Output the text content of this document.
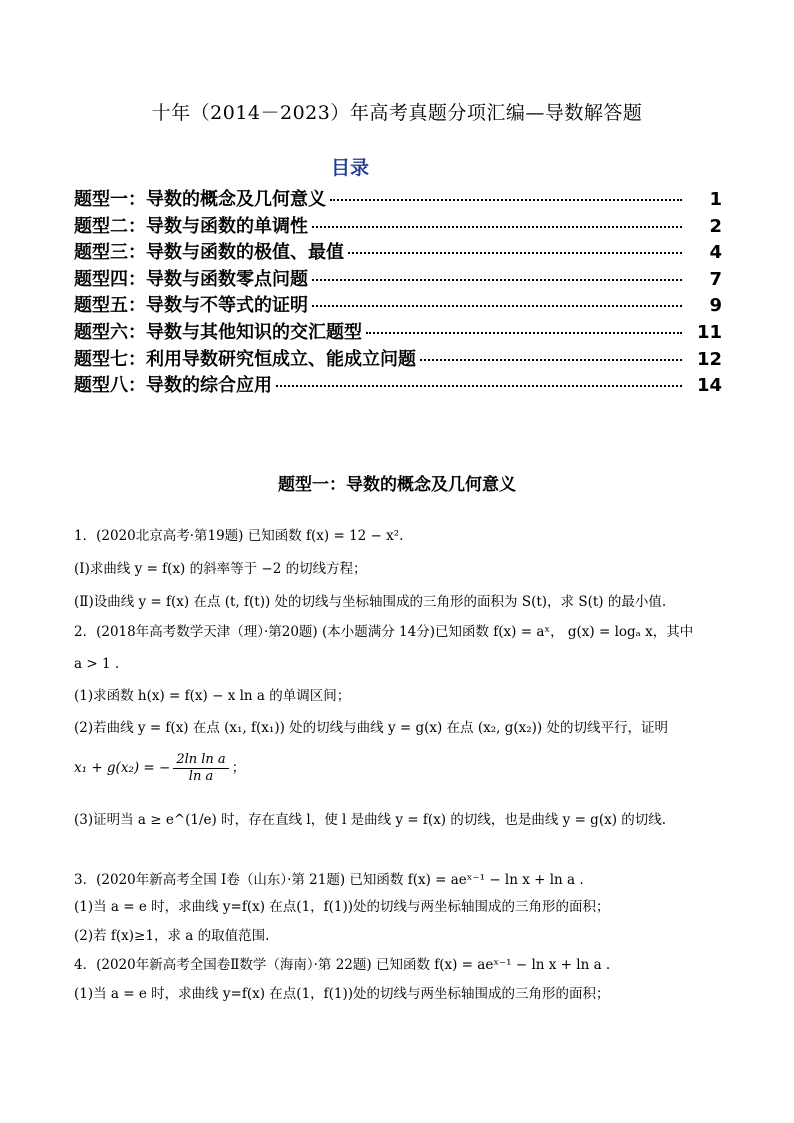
十年（2014－2023）年高考真题分项汇编—导数解答题
目录
题型一：导数的概念及几何意义	1
题型二：导数与函数的单调性	2
题型三：导数与函数的极值、最值	4
题型四：导数与函数零点问题	7
题型五：导数与不等式的证明	9
题型六：导数与其他知识的交汇题型	11
题型七：利用导数研究恒成立、能成立问题	12
题型八：导数的综合应用	14
题型一：导数的概念及几何意义
1．(2020北京高考·第19题) 已知函数 f(x) = 12 − x².
(Ⅰ)求曲线 y = f(x) 的斜率等于 −2 的切线方程；
(Ⅱ)设曲线 y = f(x) 在点 (t, f(t)) 处的切线与坐标轴围成的三角形的面积为 S(t)，求 S(t) 的最小值.
2．(2018年高考数学天津（理）·第20题) (本小题满分 14分)已知函数 f(x) = aˣ， g(x) = logₐ x，其中
a > 1 .
(1)求函数 h(x) = f(x) − x ln a 的单调区间；
(2)若曲线 y = f(x) 在点 (x₁, f(x₁)) 处的切线与曲线 y = g(x) 在点 (x₂, g(x₂)) 处的切线平行，证明
x₁ + g(x₂) = − $\frac{\text{2ln ln a}}{\text{ln a}}$ ；
(3)证明当 a ≥ e^(1/e) 时，存在直线 l，使 l 是曲线 y = f(x) 的切线，也是曲线 y = g(x) 的切线.
3．(2020年新高考全国 I卷（山东）·第 21题) 已知函数 f(x) = aeˣ⁻¹ − ln x + ln a .
(1)当 a = e 时，求曲线 y=f(x) 在点(1，f(1))处的切线与两坐标轴围成的三角形的面积；
(2)若 f(x)≥1，求 a 的取值范围.
4．(2020年新高考全国卷Ⅱ数学（海南）·第 22题) 已知函数 f(x) = aeˣ⁻¹ − ln x + ln a .
(1)当 a = e 时，求曲线 y=f(x) 在点(1，f(1))处的切线与两坐标轴围成的三角形的面积；
